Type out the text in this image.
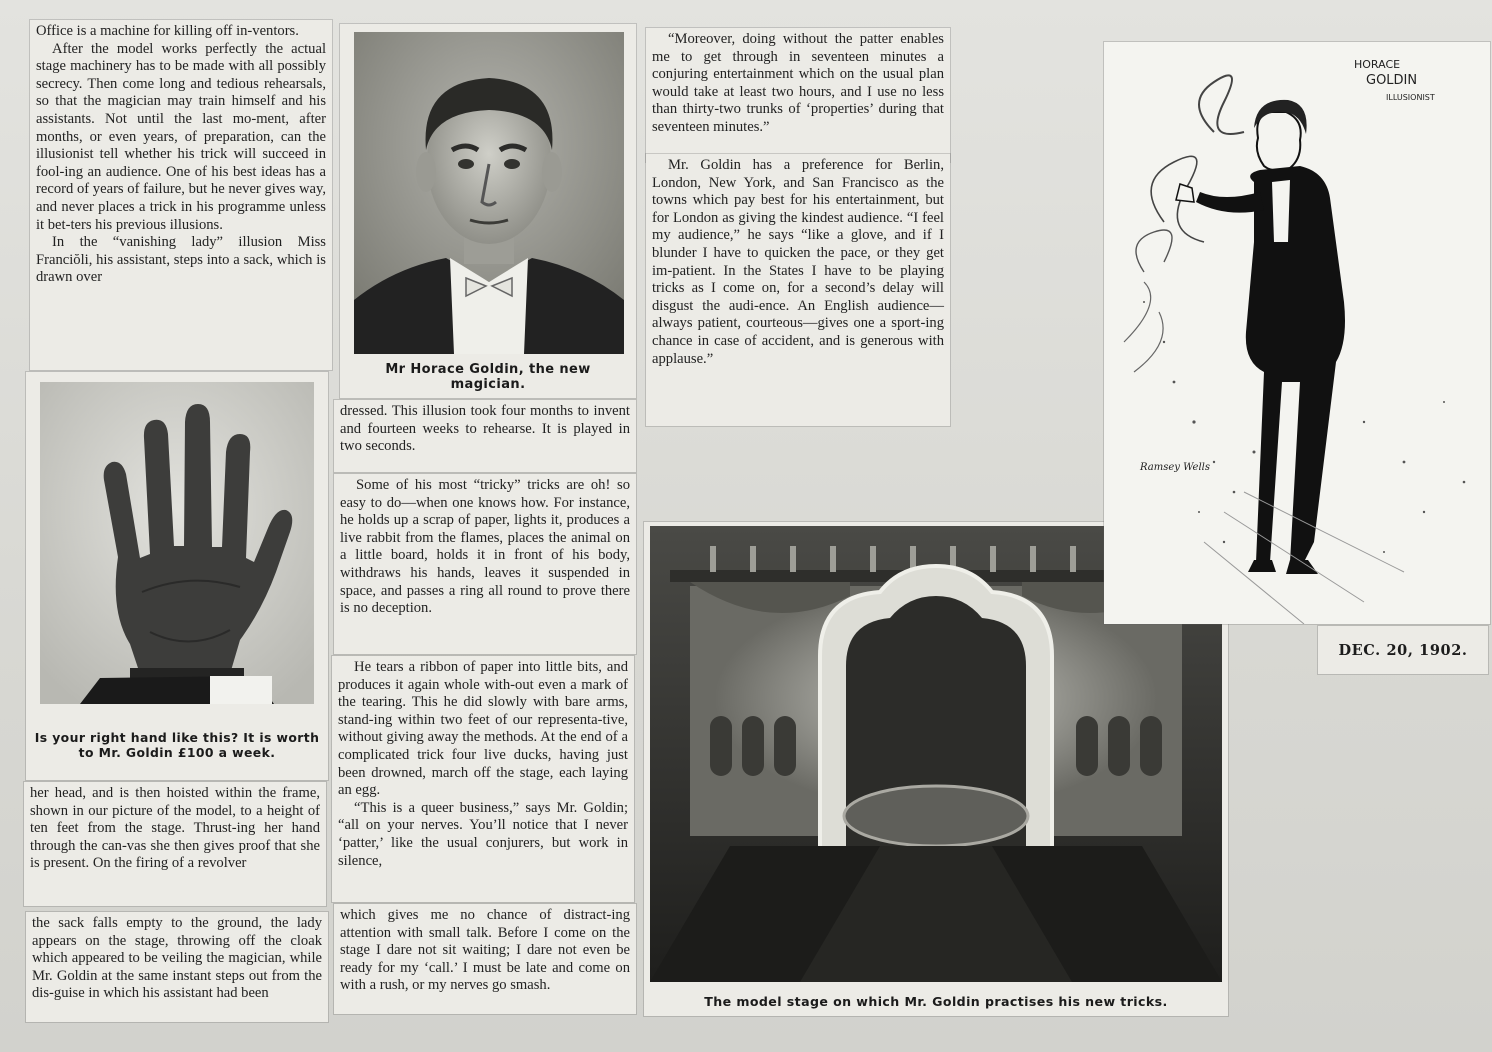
Office is a machine for killing off in-ventors.

After the model works perfectly the actual stage machinery has to be made with all possibly secrecy. Then come long and tedious rehearsals, so that the magician may train himself and his assistants. Not until the last mo-ment, after months, or even years, of preparation, can the illusionist tell whether his trick will succeed in fool-ing an audience. One of his best ideas has a record of years of failure, but he never gives way, and never places a trick in his programme unless it bet-ters his previous illusions.

In the “vanishing lady” illusion Miss Franciŏli, his assistant, steps into a sack, which is drawn over

Is your right hand like this? It is worth to Mr. Goldin £100 a week.

her head, and is then hoisted within the frame, shown in our picture of the model, to a height of ten feet from the stage. Thrust-ing her hand through the can-vas she then gives proof that she is present. On the firing of a revolver

the sack falls empty to the ground, the lady appears on the stage, throwing off the cloak which appeared to be veiling the magician, while Mr. Goldin at the same instant steps out from the dis-guise in which his assistant had been

Mr Horace Goldin, the new magician.

dressed. This illusion took four months to invent and fourteen weeks to rehearse. It is played in two seconds.

Some of his most “tricky” tricks are oh! so easy to do—when one knows how. For instance, he holds up a scrap of paper, lights it, produces a live rabbit from the flames, places the animal on a little board, holds it in front of his body, withdraws his hands, leaves it suspended in space, and passes a ring all round to prove there is no deception.

He tears a ribbon of paper into little bits, and produces it again whole with-out even a mark of the tearing. This he did slowly with bare arms, stand-ing within two feet of our representa-tive, without giving away the methods. At the end of a complicated trick four live ducks, having just been drowned, march off the stage, each laying an egg.

“This is a queer business,” says Mr. Goldin; “all on your nerves. You’ll notice that I never ‘patter,’ like the usual conjurers, but work in silence,

which gives me no chance of distract-ing attention with small talk. Before I come on the stage I dare not sit waiting; I dare not even be ready for my ‘call.’ I must be late and come on with a rush, or my nerves go smash.

“Moreover, doing without the patter enables me to get through in seventeen minutes a conjuring entertainment which on the usual plan would take at least two hours, and I use no less than thirty-two trunks of ‘properties’ during that seventeen minutes.”

Mr. Goldin has a preference for Berlin, London, New York, and San Francisco as the towns which pay best for his entertainment, but for London as giving the kindest audience. “I feel my audience,” he says “like a glove, and if I blunder I have to quicken the pace, or they get im-patient. In the States I have to be playing tricks as I come on, for a second’s delay will disgust the audi-ence. An English audience—always patient, courteous—gives one a sport-ing chance in case of accident, and is generous with applause.”

The model stage on which Mr. Goldin practises his new tricks.
HORACE
GOLDIN
ILLUSIONIST
Ramsey Wells
DEC. 20, 1902.
